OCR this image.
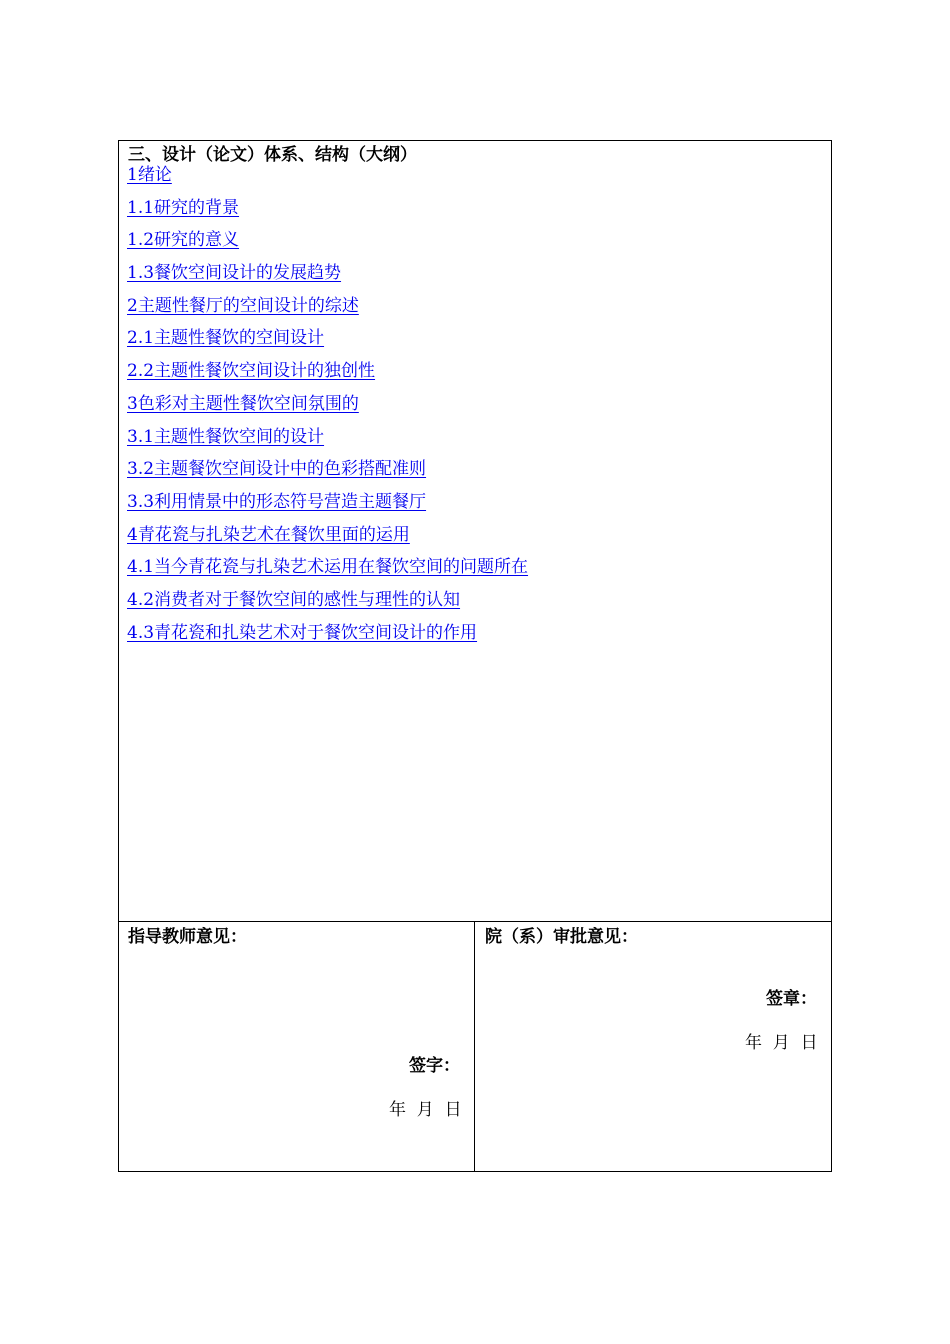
三、设计（论文）体系、结构（大纲）
1绪论
1.1研究的背景
1.2研究的意义
1.3餐饮空间设计的发展趋势
2主题性餐厅的空间设计的综述
2.1主题性餐饮的空间设计
2.2主题性餐饮空间设计的独创性
3色彩对主题性餐饮空间氛围的
3.1主题性餐饮空间的设计
3.2主题餐饮空间设计中的色彩搭配准则
3.3利用情景中的形态符号营造主题餐厅
4青花瓷与扎染艺术在餐饮里面的运用
4.1当今青花瓷与扎染艺术运用在餐饮空间的问题所在
4.2消费者对于餐饮空间的感性与理性的认知
4.3青花瓷和扎染艺术对于餐饮空间设计的作用
指导教师意见：
签字：
年  月  日
院（系）审批意见：
签章：
年  月  日
